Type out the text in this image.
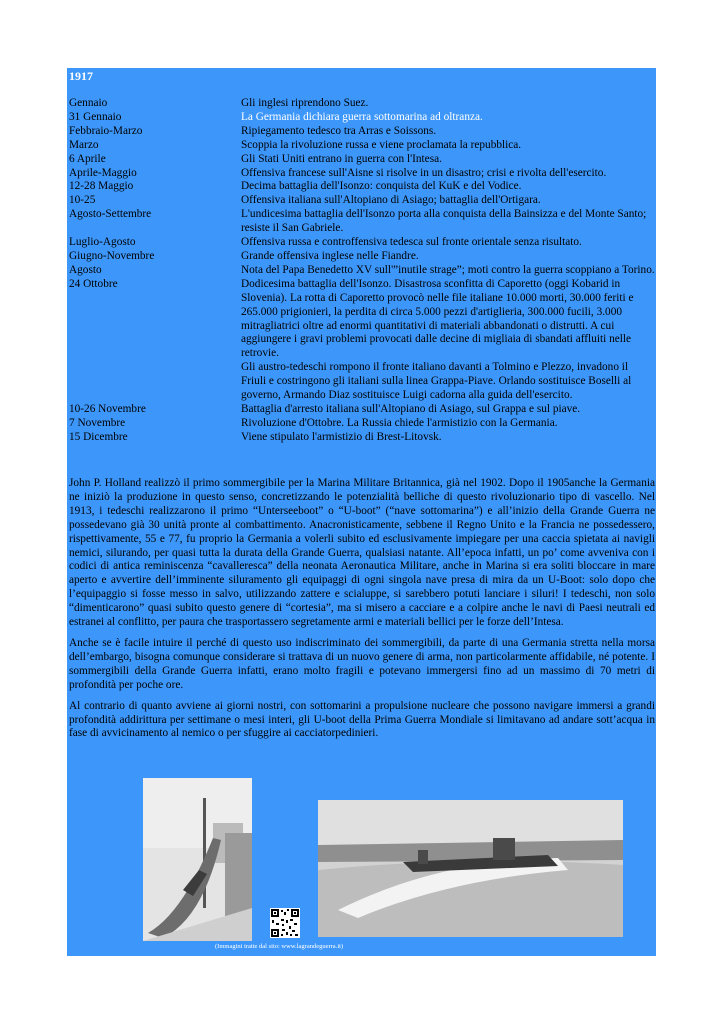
1917
Gennaio	Gli inglesi riprendono Suez.
31 Gennaio	La Germania dichiara guerra sottomarina ad oltranza.
Febbraio-Marzo	Ripiegamento tedesco tra Arras e Soissons.
Marzo	Scoppia la rivoluzione russa e viene proclamata la repubblica.
6 Aprile	Gli Stati Uniti entrano in guerra con l'Intesa.
Aprile-Maggio	Offensiva francese sull'Aisne si risolve in un disastro; crisi e rivolta dell'esercito.
12-28 Maggio	Decima battaglia dell'Isonzo: conquista del KuK e del Vodice.
10-25	Offensiva italiana sull'Altopiano di Asiago; battaglia dell'Ortigara.
Agosto-Settembre	L'undicesima battaglia dell'Isonzo porta alla conquista della Bainsizza e del Monte Santo; resiste il San Gabriele.
Luglio-Agosto	Offensiva russa e controffensiva tedesca sul fronte orientale senza risultato.
Giugno-Novembre	Grande offensiva inglese nelle Fiandre.
Agosto	Nota del Papa Benedetto XV sull'”inutile strage”; moti contro la guerra scoppiano a Torino.
24 Ottobre	Dodicesima battaglia dell'Isonzo. Disastrosa sconfitta di Caporetto (oggi Kobarid in Slovenia). La rotta di Caporetto provocò nelle file italiane 10.000 morti, 30.000 feriti e 265.000 prigionieri, la perdita di circa 5.000 pezzi d'artiglieria, 300.000 fucili, 3.000 mitragliatrici oltre ad enormi quantitativi di materiali abbandonati o distrutti. A cui aggiungere i gravi problemi provocati dalle decine di migliaia di sbandati affluiti nelle retrovie.

Gli austro-tedeschi rompono il fronte italiano davanti a Tolmino e Plezzo, invadono il Friuli e costringono gli italiani sulla linea Grappa-Piave. Orlando sostituisce Boselli al governo, Armando Diaz sostituisce Luigi cadorna alla guida dell'esercito.

10-26 Novembre	Battaglia d'arresto italiana sull'Altopiano di Asiago, sul Grappa e sul piave.
7 Novembre	Rivoluzione d'Ottobre. La Russia chiede l'armistizio con la Germania.
15 Dicembre	Viene stipulato l'armistizio di Brest-Litovsk.

John P. Holland realizzò il primo sommergibile per la Marina Militare Britannica, già nel 1902. Dopo il 1905anche la Germania ne iniziò la produzione in questo senso, concretizzando le potenzialità belliche di questo rivoluzionario tipo di vascello. Nel 1913, i tedeschi realizzarono il primo “Unterseeboot” o “U-boot” (“nave sottomarina”) e all’inizio della Grande Guerra ne possedevano già 30 unità pronte al combattimento. Anacronisticamente, sebbene il Regno Unito e la Francia ne possedessero, rispettivamente, 55 e 77, fu proprio la Germania a volerli subito ed esclusivamente impiegare per una caccia spietata ai navigli nemici, silurando, per quasi tutta la durata della Grande Guerra, qualsiasi natante. All’epoca infatti, un po’ come avveniva con i codici di antica reminiscenza “cavalleresca” della neonata Aeronautica Militare, anche in Marina si era soliti bloccare in mare aperto e avvertire dell’imminente siluramento gli equipaggi di ogni singola nave presa di mira da un U-Boot: solo dopo che l’equipaggio si fosse messo in salvo, utilizzando zattere e scialuppe, si sarebbero potuti lanciare i siluri! I tedeschi, non solo “dimenticarono” quasi subito questo genere di “cortesia”, ma si misero a cacciare e a colpire anche le navi di Paesi neutrali ed estranei al conflitto, per paura che trasportassero segretamente armi e materiali bellici per le forze dell’Intesa.

Anche se è facile intuire il perché di questo uso indiscriminato dei sommergibili, da parte di una Germania stretta nella morsa dell’embargo, bisogna comunque considerare si trattava di un nuovo genere di arma, non particolarmente affidabile, né potente. I sommergibili della Grande Guerra infatti, erano molto fragili e potevano immergersi fino ad un massimo di 70 metri di profondità per poche ore.

Al contrario di quanto avviene ai giorni nostri, con sottomarini a propulsione nucleare che possono navigare immersi a grandi profondità addirittura per settimane o mesi interi, gli U-boot della Prima Guerra Mondiale si limitavano ad andare sott’acqua in fase di avvicinamento al nemico o per sfuggire ai cacciatorpedinieri.

(Immagini tratte dal sito: www.lagrandeguerra.it)
